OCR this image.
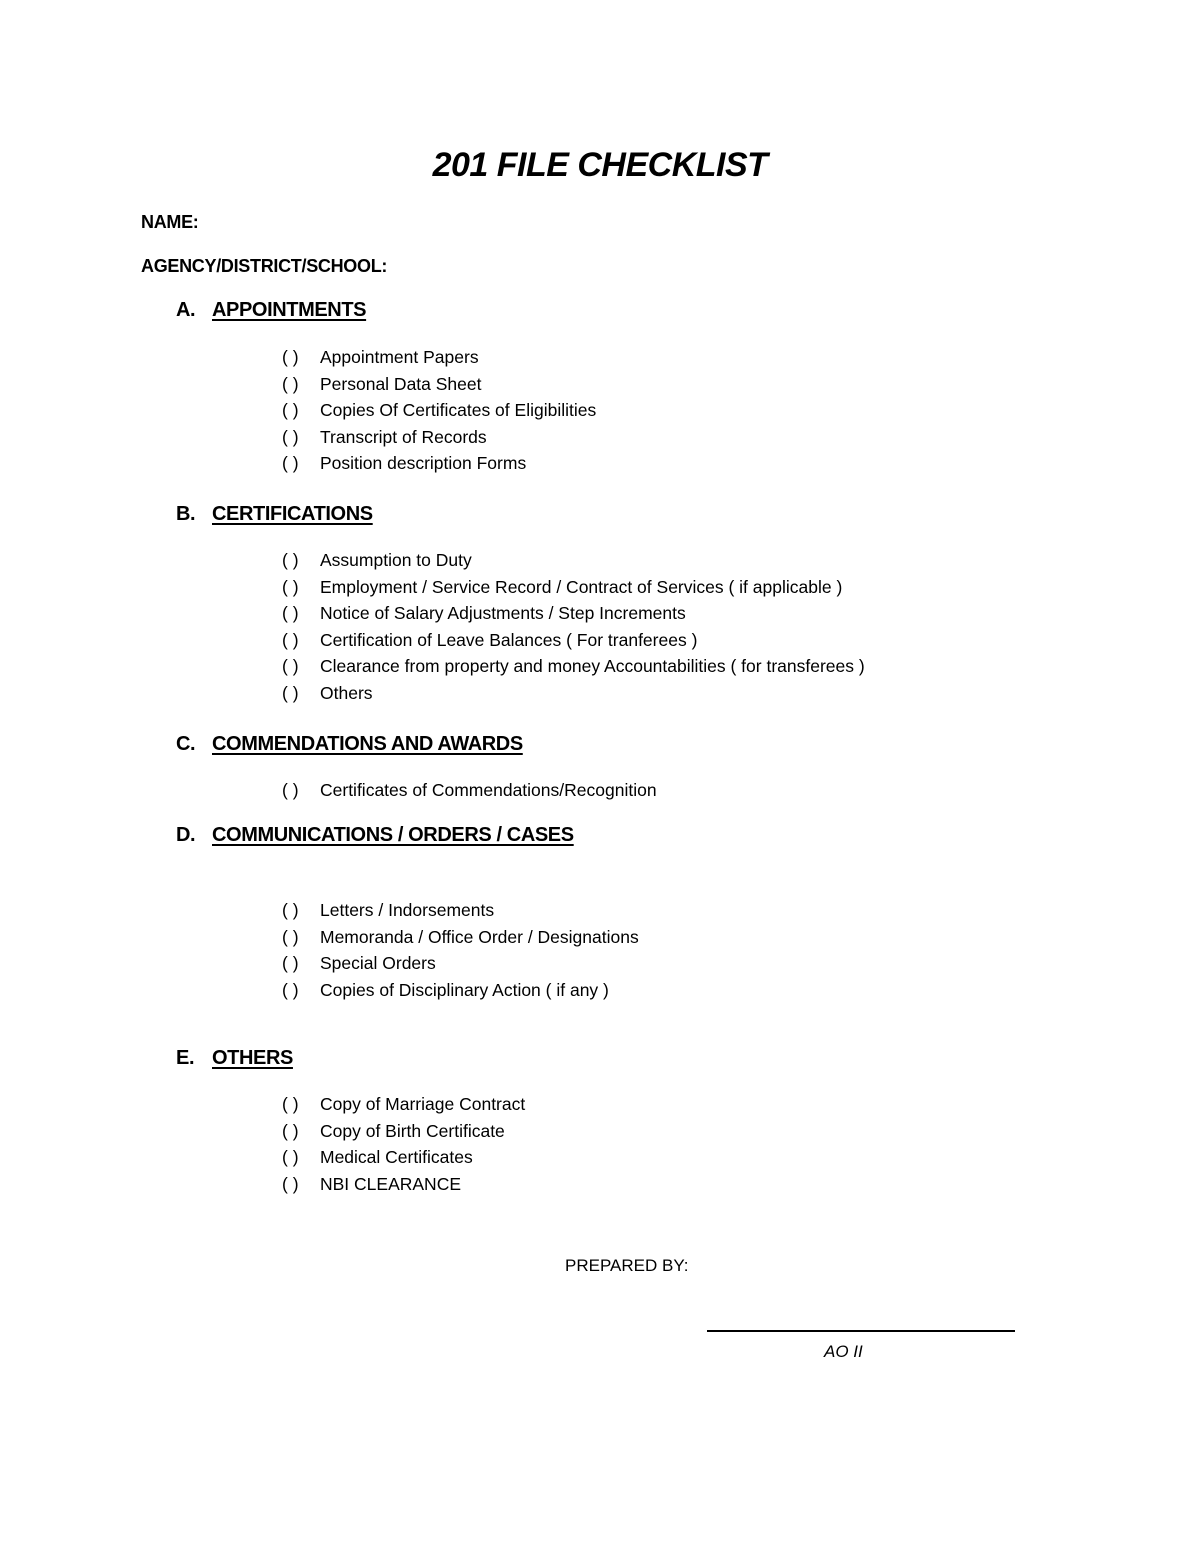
201 FILE CHECKLIST
NAME:
AGENCY/DISTRICT/SCHOOL:
A. APPOINTMENTS
( ) Appointment Papers
( ) Personal Data Sheet
( ) Copies Of Certificates of Eligibilities
( ) Transcript of Records
( ) Position description Forms
B. CERTIFICATIONS
( ) Assumption to Duty
( ) Employment / Service Record / Contract of Services ( if applicable )
( ) Notice of Salary Adjustments / Step Increments
( ) Certification of Leave Balances ( For tranferees )
( ) Clearance from property and money Accountabilities ( for transferees )
( ) Others
C. COMMENDATIONS AND AWARDS
( ) Certificates of Commendations/Recognition
D. COMMUNICATIONS / ORDERS / CASES
( ) Letters / Indorsements
( ) Memoranda / Office Order / Designations
( ) Special Orders
( ) Copies of Disciplinary Action ( if any )
E. OTHERS
( ) Copy of Marriage Contract
( ) Copy of Birth Certificate
( ) Medical Certificates
( ) NBI CLEARANCE
PREPARED BY:
AO II
